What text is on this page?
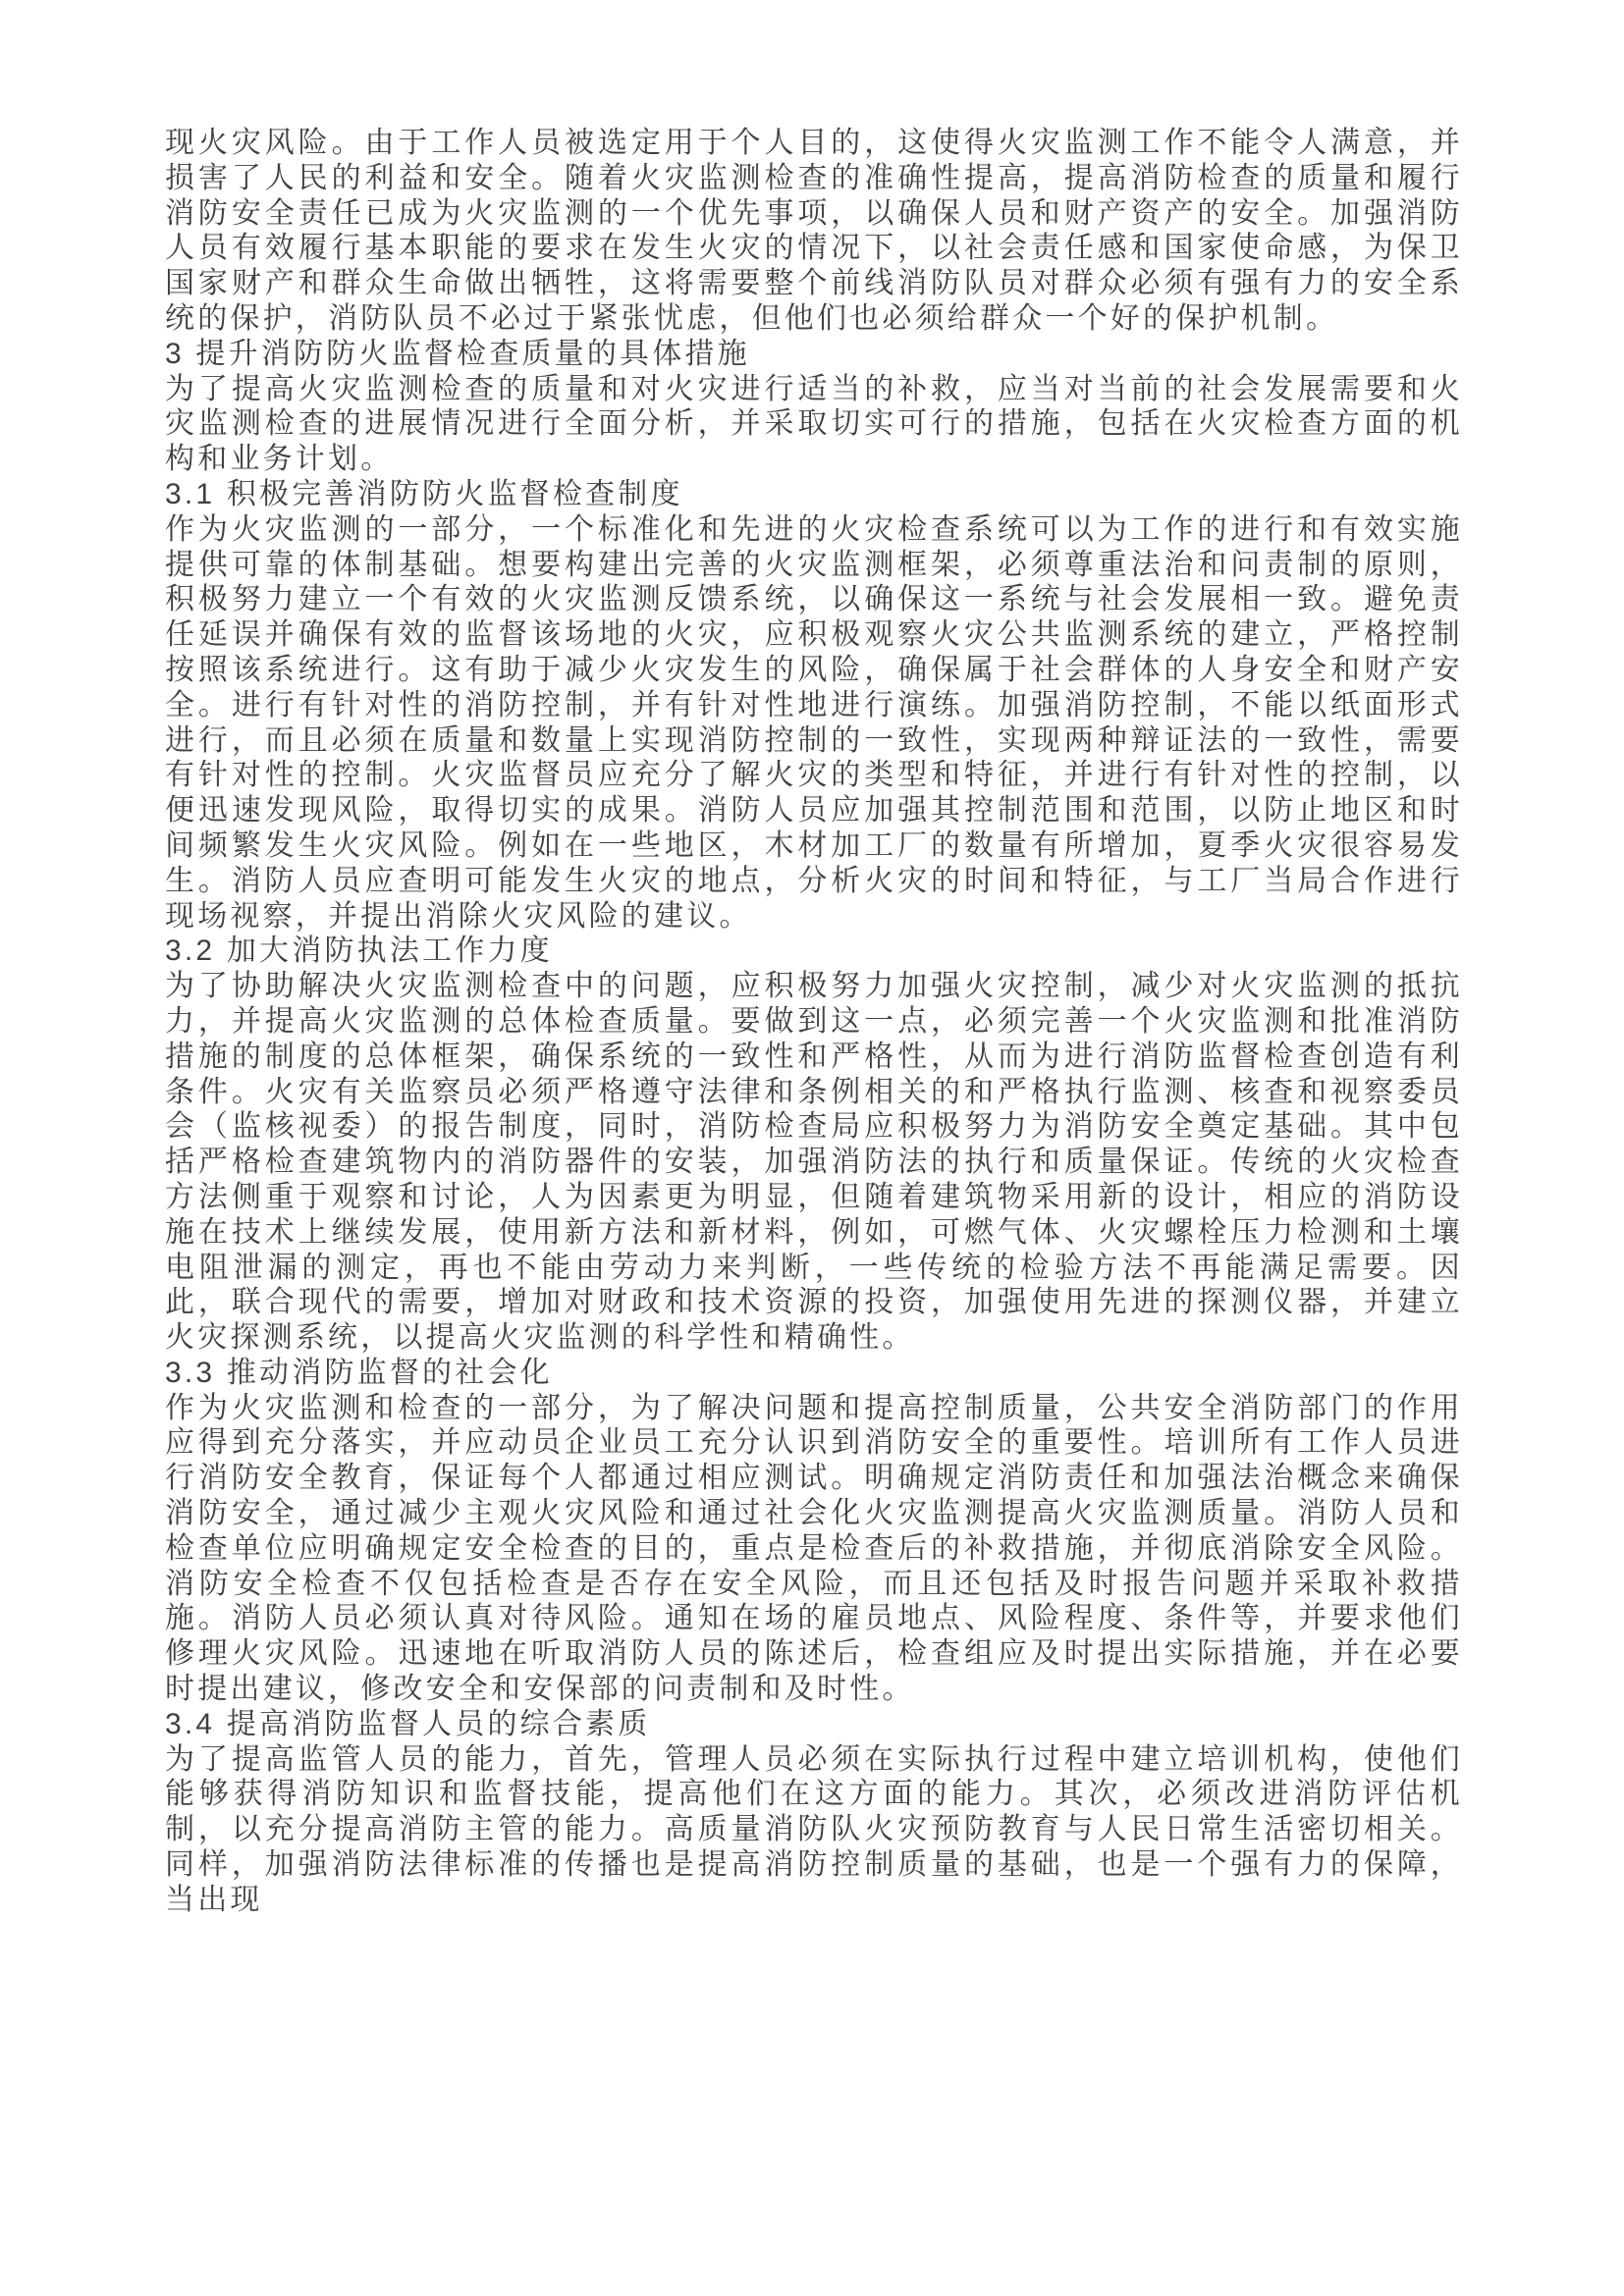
现火灾风险。由于工作人员被选定用于个人目的，这使得火灾监测工作不能令人满意，并损害了人民的利益和安全。随着火灾监测检查的准确性提高，提高消防检查的质量和履行消防安全责任已成为火灾监测的一个优先事项，以确保人员和财产资产的安全。加强消防人员有效履行基本职能的要求在发生火灾的情况下，以社会责任感和国家使命感，为保卫国家财产和群众生命做出牺牲，这将需要整个前线消防队员对群众必须有强有力的安全系统的保护，消防队员不必过于紧张忧虑，但他们也必须给群众一个好的保护机制。

3 提升消防防火监督检查质量的具体措施

为了提高火灾监测检查的质量和对火灾进行适当的补救，应当对当前的社会发展需要和火灾监测检查的进展情况进行全面分析，并采取切实可行的措施，包括在火灾检查方面的机构和业务计划。

3.1 积极完善消防防火监督检查制度

作为火灾监测的一部分，一个标准化和先进的火灾检查系统可以为工作的进行和有效实施提供可靠的体制基础。想要构建出完善的火灾监测框架，必须尊重法治和问责制的原则，积极努力建立一个有效的火灾监测反馈系统，以确保这一系统与社会发展相一致。避免责任延误并确保有效的监督该场地的火灾，应积极观察火灾公共监测系统的建立，严格控制按照该系统进行。这有助于减少火灾发生的风险，确保属于社会群体的人身安全和财产安全。进行有针对性的消防控制，并有针对性地进行演练。加强消防控制，不能以纸面形式进行，而且必须在质量和数量上实现消防控制的一致性，实现两种辩证法的一致性，需要有针对性的控制。火灾监督员应充分了解火灾的类型和特征，并进行有针对性的控制，以便迅速发现风险，取得切实的成果。消防人员应加强其控制范围和范围，以防止地区和时间频繁发生火灾风险。例如在一些地区，木材加工厂的数量有所增加，夏季火灾很容易发生。消防人员应查明可能发生火灾的地点，分析火灾的时间和特征，与工厂当局合作进行现场视察，并提出消除火灾风险的建议。

3.2 加大消防执法工作力度

为了协助解决火灾监测检查中的问题，应积极努力加强火灾控制，减少对火灾监测的抵抗力，并提高火灾监测的总体检查质量。要做到这一点，必须完善一个火灾监测和批准消防措施的制度的总体框架，确保系统的一致性和严格性，从而为进行消防监督检查创造有利条件。火灾有关监察员必须严格遵守法律和条例相关的和严格执行监测、核查和视察委员会（监核视委）的报告制度，同时，消防检查局应积极努力为消防安全奠定基础。其中包括严格检查建筑物内的消防器件的安装，加强消防法的执行和质量保证。传统的火灾检查方法侧重于观察和讨论，人为因素更为明显，但随着建筑物采用新的设计，相应的消防设施在技术上继续发展，使用新方法和新材料，例如，可燃气体、火灾螺栓压力检测和土壤电阻泄漏的测定，再也不能由劳动力来判断，一些传统的检验方法不再能满足需要。因此，联合现代的需要，增加对财政和技术资源的投资，加强使用先进的探测仪器，并建立火灾探测系统，以提高火灾监测的科学性和精确性。

3.3 推动消防监督的社会化

作为火灾监测和检查的一部分，为了解决问题和提高控制质量，公共安全消防部门的作用应得到充分落实，并应动员企业员工充分认识到消防安全的重要性。培训所有工作人员进行消防安全教育，保证每个人都通过相应测试。明确规定消防责任和加强法治概念来确保消防安全，通过减少主观火灾风险和通过社会化火灾监测提高火灾监测质量。消防人员和检查单位应明确规定安全检查的目的，重点是检查后的补救措施，并彻底消除安全风险。消防安全检查不仅包括检查是否存在安全风险，而且还包括及时报告问题并采取补救措施。消防人员必须认真对待风险。通知在场的雇员地点、风险程度、条件等，并要求他们修理火灾风险。迅速地在听取消防人员的陈述后，检查组应及时提出实际措施，并在必要时提出建议，修改安全和安保部的问责制和及时性。

3.4 提高消防监督人员的综合素质

为了提高监管人员的能力，首先，管理人员必须在实际执行过程中建立培训机构，使他们能够获得消防知识和监督技能，提高他们在这方面的能力。其次，必须改进消防评估机制，以充分提高消防主管的能力。高质量消防队火灾预防教育与人民日常生活密切相关。同样，加强消防法律标准的传播也是提高消防控制质量的基础，也是一个强有力的保障，当出现
